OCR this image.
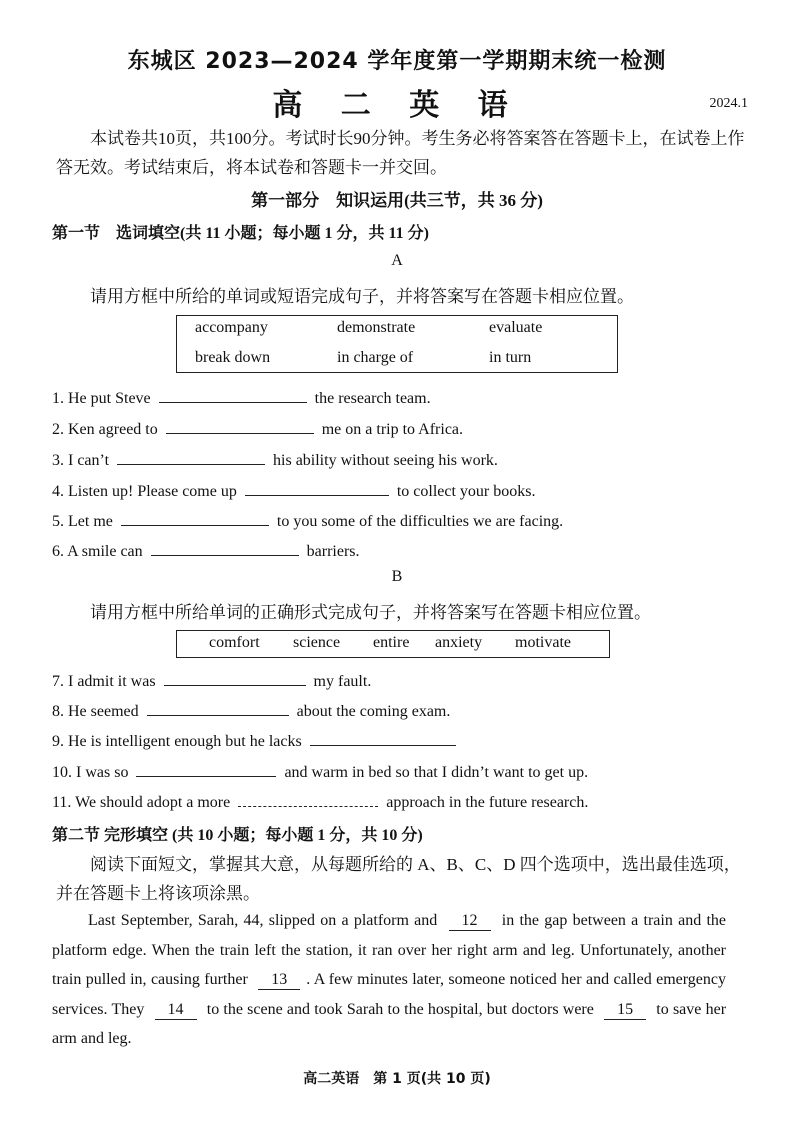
东城区 2023—2024 学年度第一学期期末统一检测
高 二 英 语	2024.1
本试卷共10页，共100分。考试时长90分钟。考生务必将答案答在答题卡上，在试卷上作答无效。考试结束后，将本试卷和答题卡一并交回。
第一部分　知识运用(共三节，共 36 分)
第一节　选词填空(共 11 小题；每小题 1 分，共 11 分)
A
请用方框中所给的单词或短语完成句子，并将答案写在答题卡相应位置。
accompany	demonstrate	evaluate
break down	in charge of	in turn
1. He put Steve	the research team.
2. Ken agreed to	me on a trip to Africa.
3. I can’t	his ability without seeing his work.
4. Listen up! Please come up	to collect your books.
5. Let me	to you some of the difficulties we are facing.
6. A smile can	barriers.
B
请用方框中所给单词的正确形式完成句子，并将答案写在答题卡相应位置。
comfort science entire anxiety motivate
7. I admit it was	my fault.
8. He seemed	about the coming exam.
9. He is intelligent enough but he lacks
10. I was so	and warm in bed so that I didn’t want to get up.
11. We should adopt a more	approach in the future research.
第二节 完形填空 (共 10 小题；每小题 1 分，共 10 分)
阅读下面短文，掌握其大意，从每题所给的 A、B、C、D 四个选项中，选出最佳选项，并在答题卡上将该项涂黑。
Last September, Sarah, 44, slipped on a platform and 12 in the gap between a train and the platform edge. When the train left the station, it ran over her right arm and leg. Unfortunately, another train pulled in, causing further 13 . A few minutes later, someone noticed her and called emergency services. They 14 to the scene and took Sarah to the hospital, but doctors were 15 to save her arm and leg.
高二英语　第 1 页(共 10 页)
